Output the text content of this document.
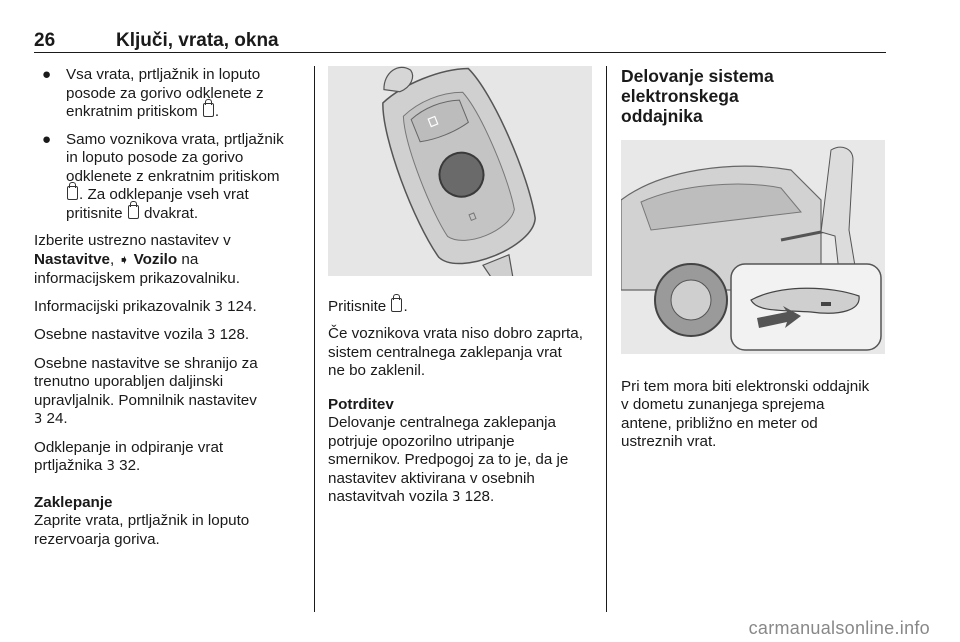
26	Ključi, vrata, okna
● Vsa vrata, prtljažnik in loputo
posode za gorivo odklenete z
enkratnim pritiskom .
● Samo voznikova vrata, prtljažnik
in loputo posode za gorivo
odklenete z enkratnim pritiskom
. Za odklepanje vseh vrat
pritisnite dvakrat.

Izberite ustrezno nastavitev v
Nastavitve, ➧ Vozilo na
informacijskem prikazovalniku.

Informacijski prikazovalnik 3 124.

Osebne nastavitve vozila 3 128.

Osebne nastavitve se shranijo za
trenutno uporabljen daljinski
upravljalnik. Pomnilnik nastavitev
3 24.

Odklepanje in odpiranje vrat
prtljažnika 3 32.

Zaklepanje
Zaprite vrata, prtljažnik in loputo
rezervoarja goriva.

Pritisnite .

Če voznikova vrata niso dobro zaprta,
sistem centralnega zaklepanja vrat
ne bo zaklenil.

Potrditev
Delovanje centralnega zaklepanja
potrjuje opozorilno utripanje
smernikov. Predpogoj za to je, da je
nastavitev aktivirana v osebnih
nastavitvah vozila 3 128.
Delovanje sistema elektronskega
oddajnika
Pri tem mora biti elektronski oddajnik
v dometu zunanjega sprejema
antene, približno en meter od
ustreznih vrat.
carmanualsonline.info
